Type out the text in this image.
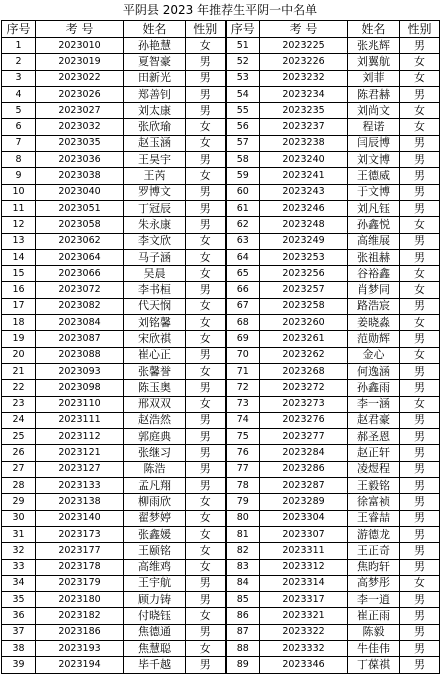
平阴县 2023 年推荐生平阴一中名单
序号	考 号	姓名	性别	序号	考 号	姓名	性别
1	2023010	孙艳慧	女	51	2023225	张兆辉	男
2	2023019	夏智豪	男	52	2023226	刘翼航	女
3	2023022	田新光	男	53	2023232	刘菲	女
4	2023026	郑善钊	男	54	2023234	陈君赫	男
5	2023027	刘太康	男	55	2023235	刘尚文	女
6	2023032	张欣瑜	女	56	2023237	程诺	女
7	2023035	赵玉涵	女	57	2023238	闫辰博	男
8	2023036	王昊宇	男	58	2023240	刘文博	男
9	2023038	王芮	女	59	2023241	王德威	男
10	2023040	罗博文	男	60	2023243	于文博	男
11	2023051	丁冠辰	男	61	2023246	刘凡钰	男
12	2023058	朱永康	男	62	2023248	孙鑫悦	女
13	2023062	李文欣	女	63	2023249	高维展	男
14	2023064	马子涵	女	64	2023253	张祖赫	男
15	2023066	吴晨	女	65	2023256	谷裕鑫	女
16	2023072	李书桓	男	66	2023257	肖梦同	女
17	2023082	代天悯	女	67	2023258	路浩宸	男
18	2023084	刘铭馨	女	68	2023260	姜晓淼	女
19	2023087	宋欣祺	女	69	2023261	范勋辉	男
20	2023088	崔心正	男	70	2023262	金心	女
21	2023093	张馨誉	女	71	2023268	何逸涵	男
22	2023098	陈玉奥	男	72	2023272	孙鑫雨	男
23	2023110	邢双双	女	73	2023273	李一涵	女
24	2023111	赵浩然	男	74	2023276	赵君豪	男
25	2023112	郭庭典	男	75	2023277	郝圣恩	男
26	2023121	张继习	男	76	2023284	赵正轩	男
27	2023127	陈浩	男	77	2023286	凌煜程	男
28	2023133	孟凡翔	男	78	2023287	王毅铭	男
29	2023138	柳雨欣	女	79	2023289	徐富祯	男
30	2023140	翟梦婷	女	80	2023304	王睿喆	男
31	2023173	张鑫媛	女	81	2023307	游德龙	男
32	2023177	王颐铭	女	82	2023311	王正奇	男
33	2023178	高维鸡	女	83	2023312	焦昀轩	男
34	2023179	王宇航	男	84	2023314	高梦彤	女
35	2023180	顾力铸	男	85	2023317	李一逍	男
36	2023182	付晓钰	女	86	2023321	崔正雨	男
37	2023186	焦德通	男	87	2023322	陈毅	男
38	2023193	焦慧聪	女	88	2023332	牛佳伟	男
39	2023194	毕千越	男	89	2023346	丁葆祺	男
